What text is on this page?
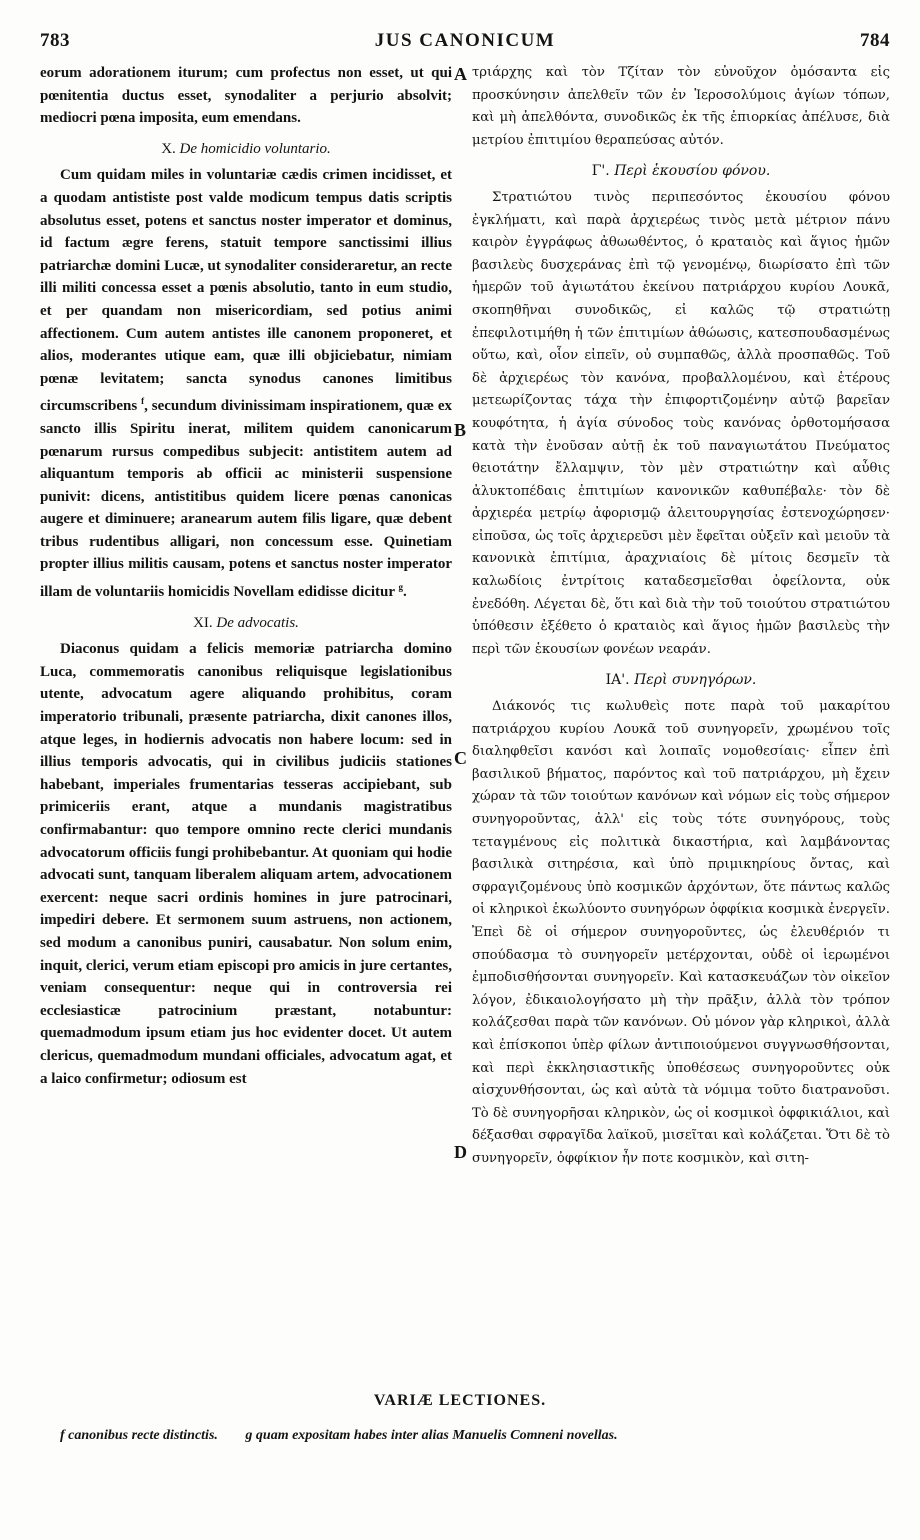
783	JUS CANONICUM	784

eorum adorationem iturum; cum profectus non esset, ut qui pœnitentia ductus esset, synodaliter a perjurio absolvit; mediocri pœna imposita, eum emendans.

X. De homicidio voluntario.

Cum quidam miles in voluntariæ cædis crimen incidisset, et a quodam antististe post valde modicum tempus datis scriptis absolutus esset, potens et sanctus noster imperator et dominus, id factum ægre ferens, statuit tempore sanctissimi illius patriarchæ domini Lucæ, ut synodaliter consideraretur, an recte illi militi concessa esset a pœnis absolutio, tanto in eum studio, et per quandam non misericordiam, sed potius animi affectionem. Cum autem antistes ille canonem proponeret, et alios, moderantes utique eam, quæ illi objiciebatur, nimiam pœnæ levitatem; sancta synodus canones limitibus circumscribens $^f$, secundum divinissimam inspirationem, quæ ex sancto illis Spiritu inerat, militem quidem canonicarum pœnarum rursus compedibus subjecit: antistitem autem ad aliquantum temporis ab officii ac ministerii suspensione punivit: dicens, antistitibus quidem licere pœnas canonicas augere et diminuere; aranearum autem filis ligare, quæ debent tribus rudentibus alligari, non concessum esse. Quinetiam propter illius militis causam, potens et sanctus noster imperator illam de voluntariis homicidis Novellam edidisse dicitur $^g$.

XI. De advocatis.

Diaconus quidam a felicis memoriæ patriarcha domino Luca, commemoratis canonibus reliquisque legislationibus utente, advocatum agere aliquando prohibitus, coram imperatorio tribunali, præsente patriarcha, dixit canones illos, atque leges, in hodiernis advocatis non habere locum: sed in illius temporis advocatis, qui in civilibus judiciis stationes habebant, imperiales frumentarias tesseras accipiebant, sub primiceriis erant, atque a mundanis magistratibus confirmabantur: quo tempore omnino recte clerici mundanis advocatorum officiis fungi prohibebantur. At quoniam qui hodie advocati sunt, tanquam liberalem aliquam artem, advocationem exercent: neque sacri ordinis homines in jure patrocinari, impediri debere. Et sermonem suum astruens, non actionem, sed modum a canonibus puniri, causabatur. Non solum enim, inquit, clerici, verum etiam episcopi pro amicis in jure certantes, veniam consequentur: neque qui in controversia rei ecclesiasticæ patrocinium præstant, notabuntur: quemadmodum ipsum etiam jus hoc evidenter docet. Ut autem clericus, quemadmodum mundani officiales, advocatum agat, et a laico confirmetur; odiosum est

A
B
C
D

τριάρχης καὶ τὸν Τζίταν τὸν εὐνοῦχον ὀμόσαντα εἰς προσκύνησιν ἀπελθεῖν τῶν ἐν Ἱεροσολύμοις ἁγίων τόπων, καὶ μὴ ἀπελθόντα, συνοδικῶς ἐκ τῆς ἐπιορκίας ἀπέλυσε, διὰ μετρίου ἐπιτιμίου θεραπεύσας αὐτόν.

Γ'. Περὶ ἑκουσίου φόνου.

Στρατιώτου τινὸς περιπεσόντος ἑκουσίου φόνου ἐγκλήματι, καὶ παρὰ ἀρχιερέως τινὸς μετὰ μέτριον πάνυ καιρὸν ἐγγράφως ἀθωωθέντος, ὁ κραταιὸς καὶ ἅγιος ἡμῶν βασιλεὺς δυσχεράνας ἐπὶ τῷ γενομένῳ, διωρίσατο ἐπὶ τῶν ἡμερῶν τοῦ ἁγιωτάτου ἐκείνου πατριάρχου κυρίου Λουκᾶ, σκοπηθῆναι συνοδικῶς, εἰ καλῶς τῷ στρατιώτῃ ἐπεφιλοτιμήθη ἡ τῶν ἐπιτιμίων ἀθώωσις, κατεσπουδασμένως οὕτω, καὶ, οἷον εἰπεῖν, οὐ συμπαθῶς, ἀλλὰ προσπαθῶς. Τοῦ δὲ ἀρχιερέως τὸν κανόνα, προβαλλομένου, καὶ ἑτέρους μετεωρίζοντας τάχα τὴν ἐπιφορτιζομένην αὐτῷ βαρεῖαν κουφότητα, ἡ ἁγία σύνοδος τοὺς κανόνας ὀρθοτομήσασα κατὰ τὴν ἐνοῦσαν αὐτῇ ἐκ τοῦ παναγιωτάτου Πνεύματος θειοτάτην ἔλλαμψιν, τὸν μὲν στρατιώτην καὶ αὖθις ἀλυκτοπέδαις ἐπιτιμίων κανονικῶν καθυπέβαλε· τὸν δὲ ἀρχιερέα μετρίῳ ἀφορισμῷ ἀλειτουργησίας ἐστενοχώρησεν· εἰποῦσα, ὡς τοῖς ἀρχιερεῦσι μὲν ἔφεῖται οὐξεῖν καὶ μειοῦν τὰ κανονικὰ ἐπιτίμια, ἀραχνιαίοις δὲ μίτοις δεσμεῖν τὰ καλωδίοις ἐντρίτοις καταδεσμεῖσθαι ὀφείλοντα, οὐκ ἐνεδόθη. Λέγεται δὲ, ὅτι καὶ διὰ τὴν τοῦ τοιούτου στρατιώτου ὑπόθεσιν ἐξέθετο ὁ κραταιὸς καὶ ἅγιος ἡμῶν βασιλεὺς τὴν περὶ τῶν ἑκουσίων φονέων νεαράν.

ΙΑ'. Περὶ συνηγόρων.

Διάκονός τις κωλυθεὶς ποτε παρὰ τοῦ μακαρίτου πατριάρχου κυρίου Λουκᾶ τοῦ συνηγορεῖν, χρωμένου τοῖς διαληφθεῖσι κανόσι καὶ λοιπαῖς νομοθεσίαις· εἶπεν ἐπὶ βασιλικοῦ βήματος, παρόντος καὶ τοῦ πατριάρχου, μὴ ἔχειν χώραν τὰ τῶν τοιούτων κανόνων καὶ νόμων εἰς τοὺς σήμερον συνηγοροῦντας, ἀλλ' εἰς τοὺς τότε συνηγόρους, τοὺς τεταγμένους εἰς πολιτικὰ δικαστήρια, καὶ λαμβάνοντας βασιλικὰ σιτηρέσια, καὶ ὑπὸ πριμικηρίους ὄντας, καὶ σφραγιζομένους ὑπὸ κοσμικῶν ἀρχόντων, ὅτε πάντως καλῶς οἱ κληρικοὶ ἐκωλύοντο συνηγόρων ὀφφίκια κοσμικὰ ἐνεργεῖν. Ἐπεὶ δὲ οἱ σήμερον συνηγοροῦντες, ὡς ἐλευθέριόν τι σπούδασμα τὸ συνηγορεῖν μετέρχονται, οὐδὲ οἱ ἱερωμένοι ἐμποδισθήσονται συνηγορεῖν. Καὶ κατασκευάζων τὸν οἰκεῖον λόγον, ἐδικαιολογήσατο μὴ τὴν πρᾶξιν, ἀλλὰ τὸν τρόπον κολάζεσθαι παρὰ τῶν κανόνων. Οὐ μόνον γὰρ κληρικοὶ, ἀλλὰ καὶ ἐπίσκοποι ὑπὲρ φίλων ἀντιποιούμενοι συγγνωσθήσονται, καὶ περὶ ἐκκλησιαστικῆς ὑποθέσεως συνηγοροῦντες οὐκ αἰσχυνθήσονται, ὡς καὶ αὐτὰ τὰ νόμιμα τοῦτο διατρανοῦσι. Τὸ δὲ συνηγορῆσαι κληρικὸν, ὡς οἱ κοσμικοὶ ὀφφικιάλιοι, καὶ δέξασθαι σφραγῖδα λαϊκοῦ, μισεῖται καὶ κολάζεται. Ὅτι δὲ τὸ συνηγορεῖν, ὀφφίκιον ἦν ποτε κοσμικὸν, καὶ σιτη-

VARIÆ LECTIONES.
f canonibus recte distinctis. g quam expositam habes inter alias Manuelis Comneni novellas.
